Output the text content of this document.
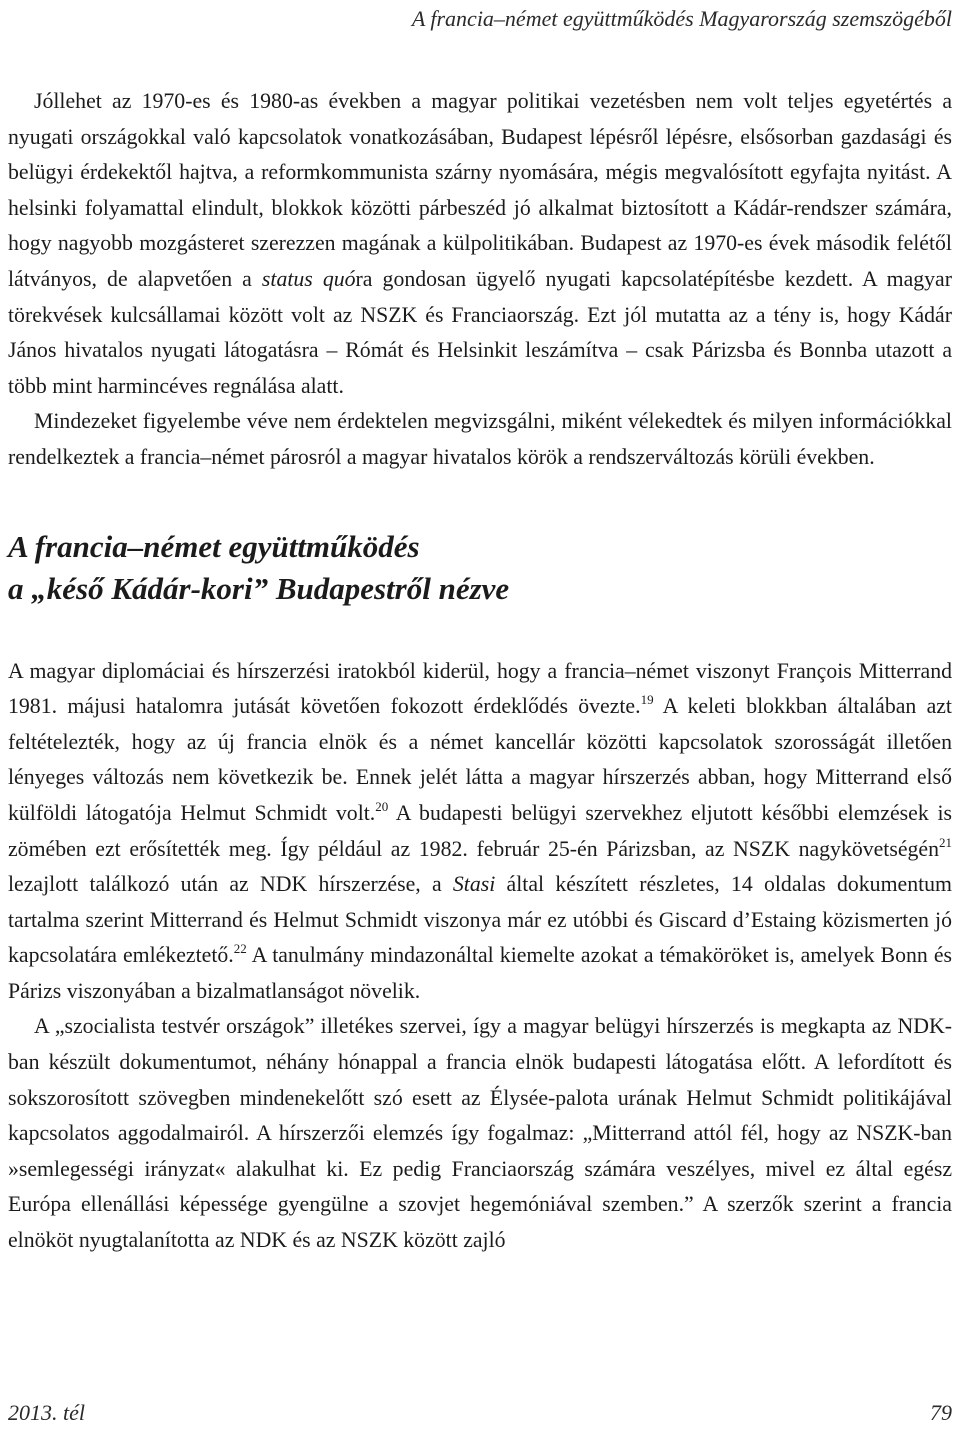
A francia–német együttműködés Magyarország szemszögéből

Jóllehet az 1970-es és 1980-as években a magyar politikai vezetésben nem volt teljes egyetértés a nyugati országokkal való kapcsolatok vonatkozásában, Budapest lépésről lépésre, elsősorban gazdasági és belügyi érdekektől hajtva, a reformkommunista szárny nyomására, mégis megvalósított egyfajta nyitást. A helsinki folyamattal elindult, blokkok közötti párbeszéd jó alkalmat biztosított a Kádár-rendszer számára, hogy nagyobb mozgásteret szerezzen magának a külpolitikában. Budapest az 1970-es évek második felétől látványos, de alapvetően a status quóra gondosan ügyelő nyugati kapcsolatépítésbe kezdett. A magyar törekvések kulcsállamai között volt az NSZK és Franciaország. Ezt jól mutatta az a tény is, hogy Kádár János hivatalos nyugati látogatásra – Rómát és Helsinkit leszámítva – csak Párizsba és Bonnba utazott a több mint harmincéves regnálása alatt.

Mindezeket figyelembe véve nem érdektelen megvizsgálni, miként vélekedtek és milyen információkkal rendelkeztek a francia–német párosról a magyar hivatalos körök a rendszerváltozás körüli években.

A francia–német együttműködés
a „késő Kádár-kori” Budapestről nézve

A magyar diplomáciai és hírszerzési iratokból kiderül, hogy a francia–német viszonyt François Mitterrand 1981. májusi hatalomra jutását követően fokozott érdeklődés övezte.$^{19}$ A keleti blokkban általában azt feltételezték, hogy az új francia elnök és a német kancellár közötti kapcsolatok szorosságát illetően lényeges változás nem következik be. Ennek jelét látta a magyar hírszerzés abban, hogy Mitterrand első külföldi látogatója Helmut Schmidt volt.$^{20}$ A budapesti belügyi szervekhez eljutott későbbi elemzések is zömében ezt erősítették meg. Így például az 1982. február 25-én Párizsban, az NSZK nagykövetségén$^{21}$ lezajlott találkozó után az NDK hírszerzése, a Stasi által készített részletes, 14 oldalas dokumentum tartalma szerint Mitterrand és Helmut Schmidt viszonya már ez utóbbi és Giscard d’Estaing közismerten jó kapcsolatára emlékeztető.$^{22}$ A tanulmány mindazonáltal kiemelte azokat a témaköröket is, amelyek Bonn és Párizs viszonyában a bizalmatlanságot növelik.

A „szocialista testvér országok” illetékes szervei, így a magyar belügyi hírszerzés is megkapta az NDK-ban készült dokumentumot, néhány hónappal a francia elnök budapesti látogatása előtt. A lefordított és sokszorosított szövegben mindenekelőtt szó esett az Élysée-palota urának Helmut Schmidt politikájával kapcsolatos aggodalmairól. A hírszerzői elemzés így fogalmaz: „Mitterrand attól fél, hogy az NSZK-ban »semlegességi irányzat« alakulhat ki. Ez pedig Franciaország számára veszélyes, mivel ez által egész Európa ellenállási képessége gyengülne a szovjet hegemóniával szemben.” A szerzők szerint a francia elnököt nyugtalanította az NDK és az NSZK között zajló

2013. tél	79
